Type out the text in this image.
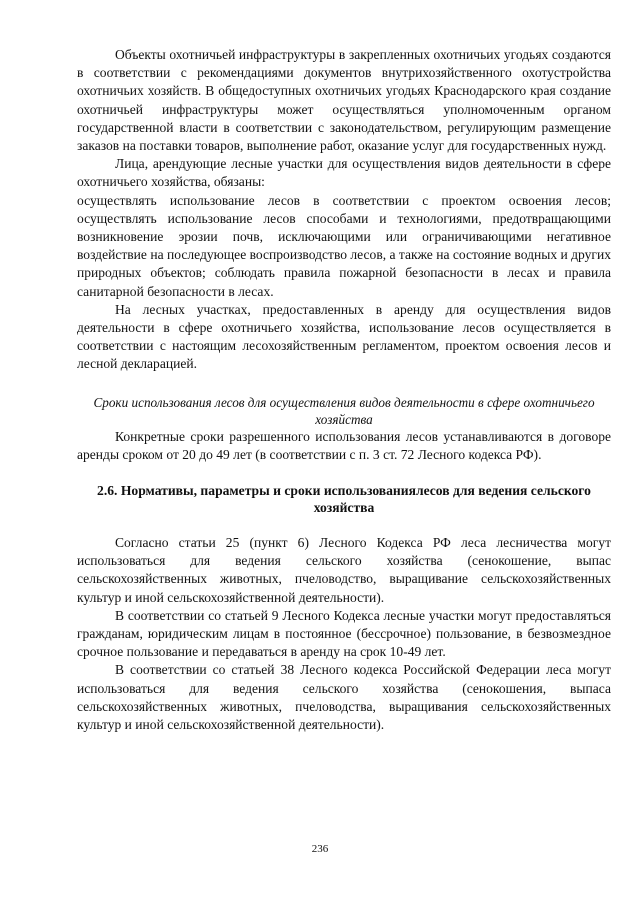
Объекты охотничьей инфраструктуры в закрепленных охотничьих угодьях создаются в соответствии с рекомендациями документов внутрихозяйственного охотустройства охотничьих хозяйств. В общедоступных охотничьих угодьях Краснодарского края создание охотничьей инфраструктуры может осуществляться уполномоченным органом государственной власти в соответствии с законодательством, регулирующим размещение заказов на поставки товаров, выполнение работ, оказание услуг для государственных нужд.

Лица, арендующие лесные участки для осуществления видов деятельности в сфере охотничьего хозяйства, обязаны:

осуществлять использование лесов в соответствии с проектом освоения лесов; осуществлять использование лесов способами и технологиями, предотвращающими возникновение эрозии почв, исключающими или ограничивающими негативное воздействие на последующее воспроизводство лесов, а также на состояние водных и других природных объектов; соблюдать правила пожарной безопасности в лесах и правила санитарной безопасности в лесах.

На лесных участках, предоставленных в аренду для осуществления видов деятельности в сфере охотничьего хозяйства, использование лесов осуществляется в соответствии с настоящим лесохозяйственным регламентом, проектом освоения лесов и лесной декларацией.

Сроки использования лесов для осуществления видов деятельности в сфере охотничьего хозяйства

Конкретные сроки разрешенного использования лесов устанавливаются в договоре аренды сроком от 20 до 49 лет (в соответствии с п. 3 ст. 72 Лесного кодекса РФ).

2.6. Нормативы, параметры и сроки использованиялесов для ведения сельского хозяйства

Согласно статьи 25 (пункт 6) Лесного Кодекса РФ леса лесничества могут использоваться для ведения сельского хозяйства (сенокошение, выпас сельскохозяйственных животных, пчеловодство, выращивание сельскохозяйственных культур и иной сельскохозяйственной деятельности).

В соответствии со статьей 9 Лесного Кодекса лесные участки могут предоставляться гражданам, юридическим лицам в постоянное (бессрочное) пользование, в безвозмездное срочное пользование и передаваться в аренду на срок 10-49 лет.

В соответствии со статьей 38 Лесного кодекса Российской Федерации леса могут использоваться для ведения сельского хозяйства (сенокошения, выпаса сельскохозяйственных животных, пчеловодства, выращивания сельскохозяйственных культур и иной сельскохозяйственной деятельности).

236
